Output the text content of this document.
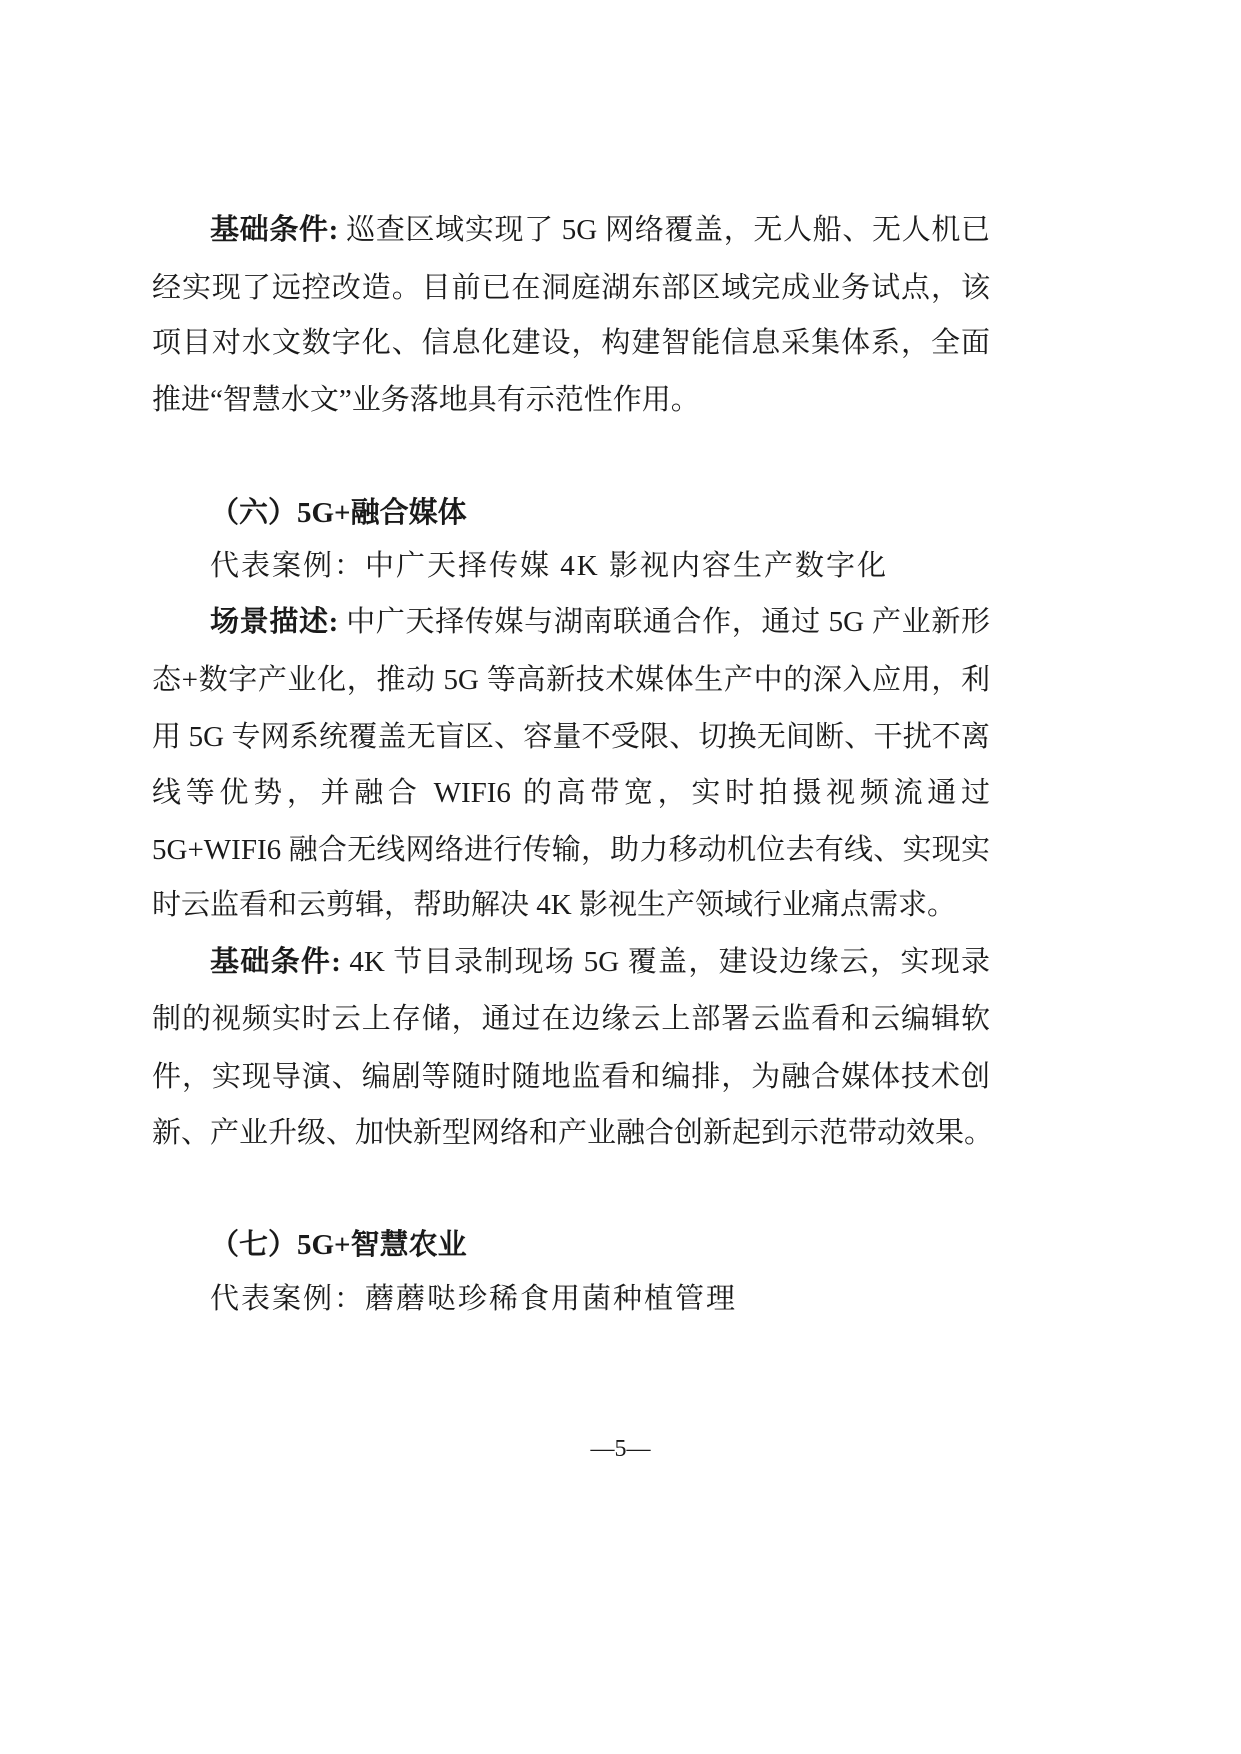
基础条件: 巡查区域实现了 5G 网络覆盖，无人船、无人机已
经实现了远控改造。目前已在洞庭湖东部区域完成业务试点，该
项目对水文数字化、信息化建设，构建智能信息采集体系，全面
推进“智慧水文”业务落地具有示范性作用。
（六）5G+融合媒体
代表案例：中广天择传媒 4K 影视内容生产数字化
场景描述: 中广天择传媒与湖南联通合作，通过 5G 产业新形
态+数字产业化，推动 5G 等高新技术媒体生产中的深入应用，利
用 5G 专网系统覆盖无盲区、容量不受限、切换无间断、干扰不离
线等优势，并融合 WIFI6 的高带宽，实时拍摄视频流通过
5G+WIFI6 融合无线网络进行传输，助力移动机位去有线、实现实
时云监看和云剪辑，帮助解决 4K 影视生产领域行业痛点需求。
基础条件: 4K 节目录制现场 5G 覆盖，建设边缘云，实现录
制的视频实时云上存储，通过在边缘云上部署云监看和云编辑软
件，实现导演、编剧等随时随地监看和编排，为融合媒体技术创
新、产业升级、加快新型网络和产业融合创新起到示范带动效果。
（七）5G+智慧农业
代表案例：蘑蘑哒珍稀食用菌种植管理
—5—
